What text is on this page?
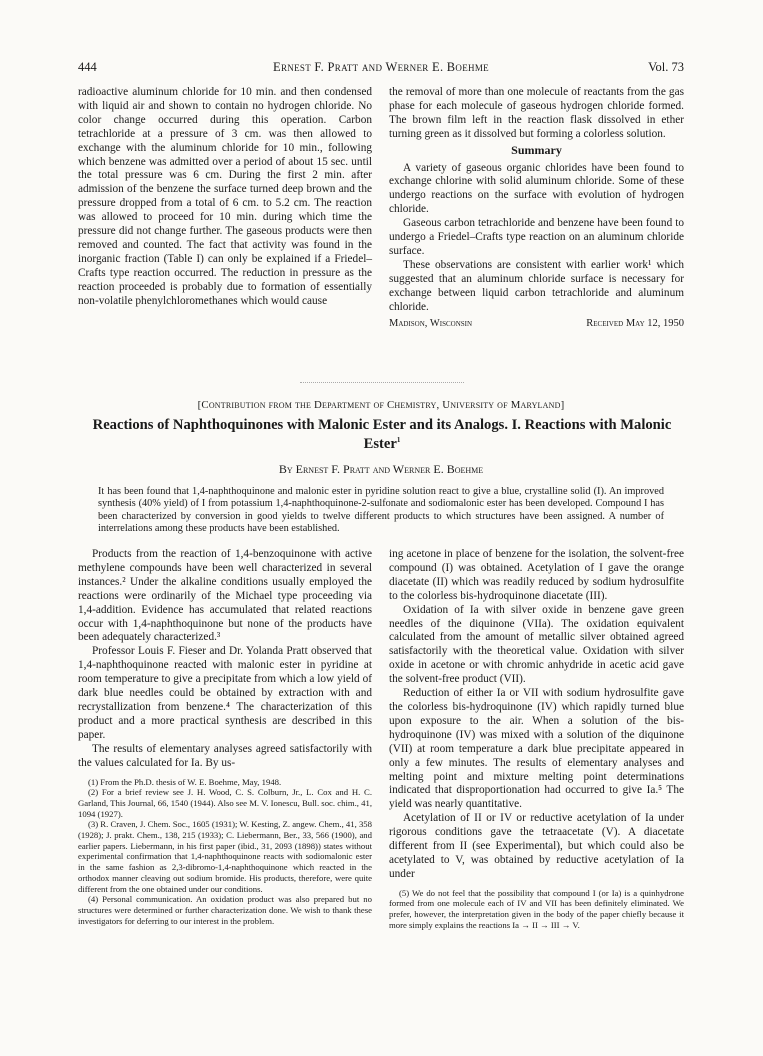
444	Ernest F. Pratt and Werner E. Boehme	Vol. 73

radioactive aluminum chloride for 10 min. and then condensed with liquid air and shown to contain no hydrogen chloride. No color change occurred during this operation. Carbon tetrachloride at a pressure of 3 cm. was then allowed to exchange with the aluminum chloride for 10 min., following which benzene was admitted over a period of about 15 sec. until the total pressure was 6 cm. During the first 2 min. after admission of the benzene the surface turned deep brown and the pressure dropped from a total of 6 cm. to 5.2 cm. The reaction was allowed to proceed for 10 min. during which time the pressure did not change further. The gaseous products were then removed and counted. The fact that activity was found in the inorganic fraction (Table I) can only be explained if a Friedel–Crafts type reaction occurred. The reduction in pressure as the reaction proceeded is probably due to formation of essentially non-volatile phenylchloromethanes which would cause

the removal of more than one molecule of reactants from the gas phase for each molecule of gaseous hydrogen chloride formed. The brown film left in the reaction flask dissolved in ether turning green as it dissolved but forming a colorless solution.

Summary

A variety of gaseous organic chlorides have been found to exchange chlorine with solid aluminum chloride. Some of these undergo reactions on the surface with evolution of hydrogen chloride.

Gaseous carbon tetrachloride and benzene have been found to undergo a Friedel–Crafts type reaction on an aluminum chloride surface.

These observations are consistent with earlier work¹ which suggested that an aluminum chloride surface is necessary for exchange between liquid carbon tetrachloride and aluminum chloride.

Madison, Wisconsin	Received May 12, 1950
[Contribution from the Department of Chemistry, University of Maryland]
Reactions of Naphthoquinones with Malonic Ester and its Analogs. I. Reactions with Malonic Ester$^1$
By Ernest F. Pratt and Werner E. Boehme
It has been found that 1,4-naphthoquinone and malonic ester in pyridine solution react to give a blue, crystalline solid (I). An improved synthesis (40% yield) of I from potassium 1,4-naphthoquinone-2-sulfonate and sodiomalonic ester has been developed. Compound I has been characterized by conversion in good yields to twelve different products to which structures have been assigned. A number of interrelations among these products have been established.

Products from the reaction of 1,4-benzoquinone with active methylene compounds have been well characterized in several instances.² Under the alkaline conditions usually employed the reactions were ordinarily of the Michael type proceeding via 1,4-addition. Evidence has accumulated that related reactions occur with 1,4-naphthoquinone but none of the products have been adequately characterized.³

Professor Louis F. Fieser and Dr. Yolanda Pratt observed that 1,4-naphthoquinone reacted with malonic ester in pyridine at room temperature to give a precipitate from which a low yield of dark blue needles could be obtained by extraction with and recrystallization from benzene.⁴ The characterization of this product and a more practical synthesis are described in this paper.

The results of elementary analyses agreed satisfactorily with the values calculated for Ia. By us-

(1) From the Ph.D. thesis of W. E. Boehme, May, 1948.

(2) For a brief review see J. H. Wood, C. S. Colburn, Jr., L. Cox and H. C. Garland, This Journal, 66, 1540 (1944). Also see M. V. Ionescu, Bull. soc. chim., 41, 1094 (1927).

(3) R. Craven, J. Chem. Soc., 1605 (1931); W. Kesting, Z. angew. Chem., 41, 358 (1928); J. prakt. Chem., 138, 215 (1933); C. Liebermann, Ber., 33, 566 (1900), and earlier papers. Liebermann, in his first paper (ibid., 31, 2093 (1898)) states without experimental confirmation that 1,4-naphthoquinone reacts with sodiomalonic ester in the same fashion as 2,3-dibromo-1,4-naphthoquinone which reacted in the orthodox manner cleaving out sodium bromide. His products, therefore, were quite different from the one obtained under our conditions.

(4) Personal communication. An oxidation product was also prepared but no structures were determined or further characterization done. We wish to thank these investigators for deferring to our interest in the problem.

ing acetone in place of benzene for the isolation, the solvent-free compound (I) was obtained. Acetylation of I gave the orange diacetate (II) which was readily reduced by sodium hydrosulfite to the colorless bis-hydroquinone diacetate (III).

Oxidation of Ia with silver oxide in benzene gave green needles of the diquinone (VIIa). The oxidation equivalent calculated from the amount of metallic silver obtained agreed satisfactorily with the theoretical value. Oxidation with silver oxide in acetone or with chromic anhydride in acetic acid gave the solvent-free product (VII).

Reduction of either Ia or VII with sodium hydrosulfite gave the colorless bis-hydroquinone (IV) which rapidly turned blue upon exposure to the air. When a solution of the bis-hydroquinone (IV) was mixed with a solution of the diquinone (VII) at room temperature a dark blue precipitate appeared in only a few minutes. The results of elementary analyses and melting point and mixture melting point determinations indicated that disproportionation had occurred to give Ia.⁵ The yield was nearly quantitative.

Acetylation of II or IV or reductive acetylation of Ia under rigorous conditions gave the tetraacetate (V). A diacetate different from II (see Experimental), but which could also be acetylated to V, was obtained by reductive acetylation of Ia under

(5) We do not feel that the possibility that compound I (or Ia) is a quinhydrone formed from one molecule each of IV and VII has been definitely eliminated. We prefer, however, the interpretation given in the body of the paper chiefly because it more simply explains the reactions Ia → II → III → V.
